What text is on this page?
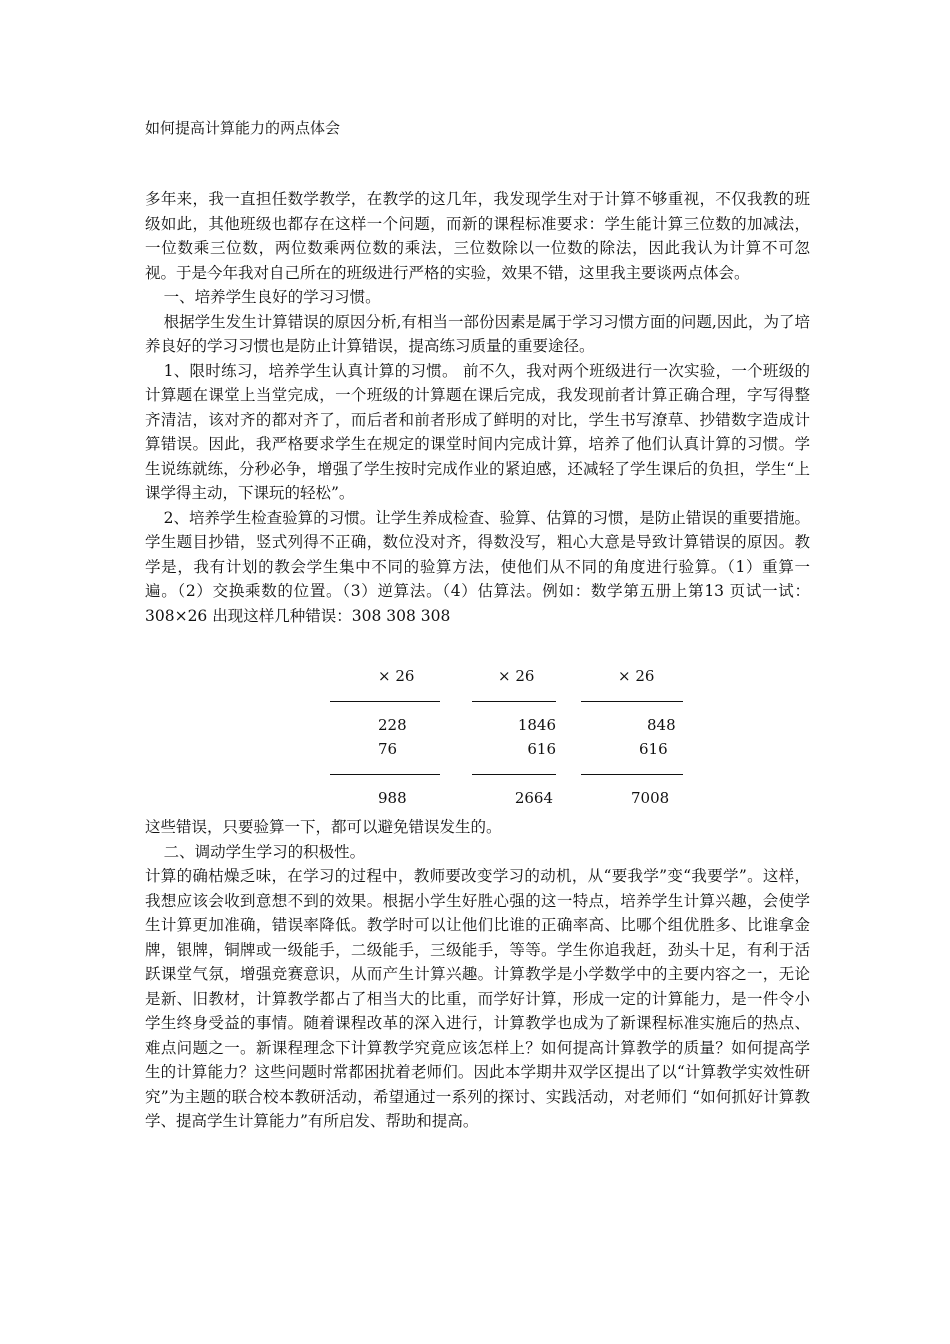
如何提高计算能力的两点体会

多年来，我一直担任数学教学，在教学的这几年，我发现学生对于计算不够重视，不仅我教的班级如此，其他班级也都存在这样一个问题，而新的课程标准要求：学生能计算三位数的加减法，一位数乘三位数，两位数乘两位数的乘法，三位数除以一位数的除法，因此我认为计算不可忽视。于是今年我对自己所在的班级进行严格的实验，效果不错，这里我主要谈两点体会。

一、培养学生良好的学习习惯。

根据学生发生计算错误的原因分析,有相当一部份因素是属于学习习惯方面的问题,因此，为了培养良好的学习习惯也是防止计算错误，提高练习质量的重要途径。

1、限时练习，培养学生认真计算的习惯。 前不久，我对两个班级进行一次实验，一个班级的计算题在课堂上当堂完成，一个班级的计算题在课后完成，我发现前者计算正确合理，字写得整齐清洁，该对齐的都对齐了，而后者和前者形成了鲜明的对比，学生书写潦草、抄错数字造成计算错误。因此，我严格要求学生在规定的课堂时间内完成计算，培养了他们认真计算的习惯。学生说练就练，分秒必争，增强了学生按时完成作业的紧迫感，还减轻了学生课后的负担，学生“上课学得主动，下课玩的轻松”。

2、培养学生检查验算的习惯。让学生养成检查、验算、估算的习惯，是防止错误的重要措施。学生题目抄错，竖式列得不正确，数位没对齐，得数没写，粗心大意是导致计算错误的原因。教学是，我有计划的教会学生集中不同的验算方法，使他们从不同的角度进行验算。（1）重算一遍。（2）交换乘数的位置。（3）逆算法。（4）估算法。例如：数学第五册上第13 页试一试：308×26 出现这样几种错误：308 308 308

× 26
228
76
988
× 26
1846
616
2664
× 26
848
616
7008

这些错误，只要验算一下，都可以避免错误发生的。

二、调动学生学习的积极性。

计算的确枯燥乏味，在学习的过程中，教师要改变学习的动机，从“要我学”变“我要学”。这样，我想应该会收到意想不到的效果。根据小学生好胜心强的这一特点，培养学生计算兴趣，会使学生计算更加准确，错误率降低。教学时可以让他们比谁的正确率高、比哪个组优胜多、比谁拿金牌，银牌，铜牌或一级能手，二级能手，三级能手，等等。学生你追我赶，劲头十足，有利于活跃课堂气氛，增强竞赛意识，从而产生计算兴趣。计算教学是小学数学中的主要内容之一，无论是新、旧教材，计算教学都占了相当大的比重，而学好计算，形成一定的计算能力，是一件令小学生终身受益的事情。随着课程改革的深入进行，计算教学也成为了新课程标准实施后的热点、难点问题之一。新课程理念下计算教学究竟应该怎样上？如何提高计算教学的质量？如何提高学生的计算能力？这些问题时常都困扰着老师们。因此本学期井双学区提出了以“计算教学实效性研究”为主题的联合校本教研活动，希望通过一系列的探讨、实践活动，对老师们 “如何抓好计算教学、提高学生计算能力”有所启发、帮助和提高。
